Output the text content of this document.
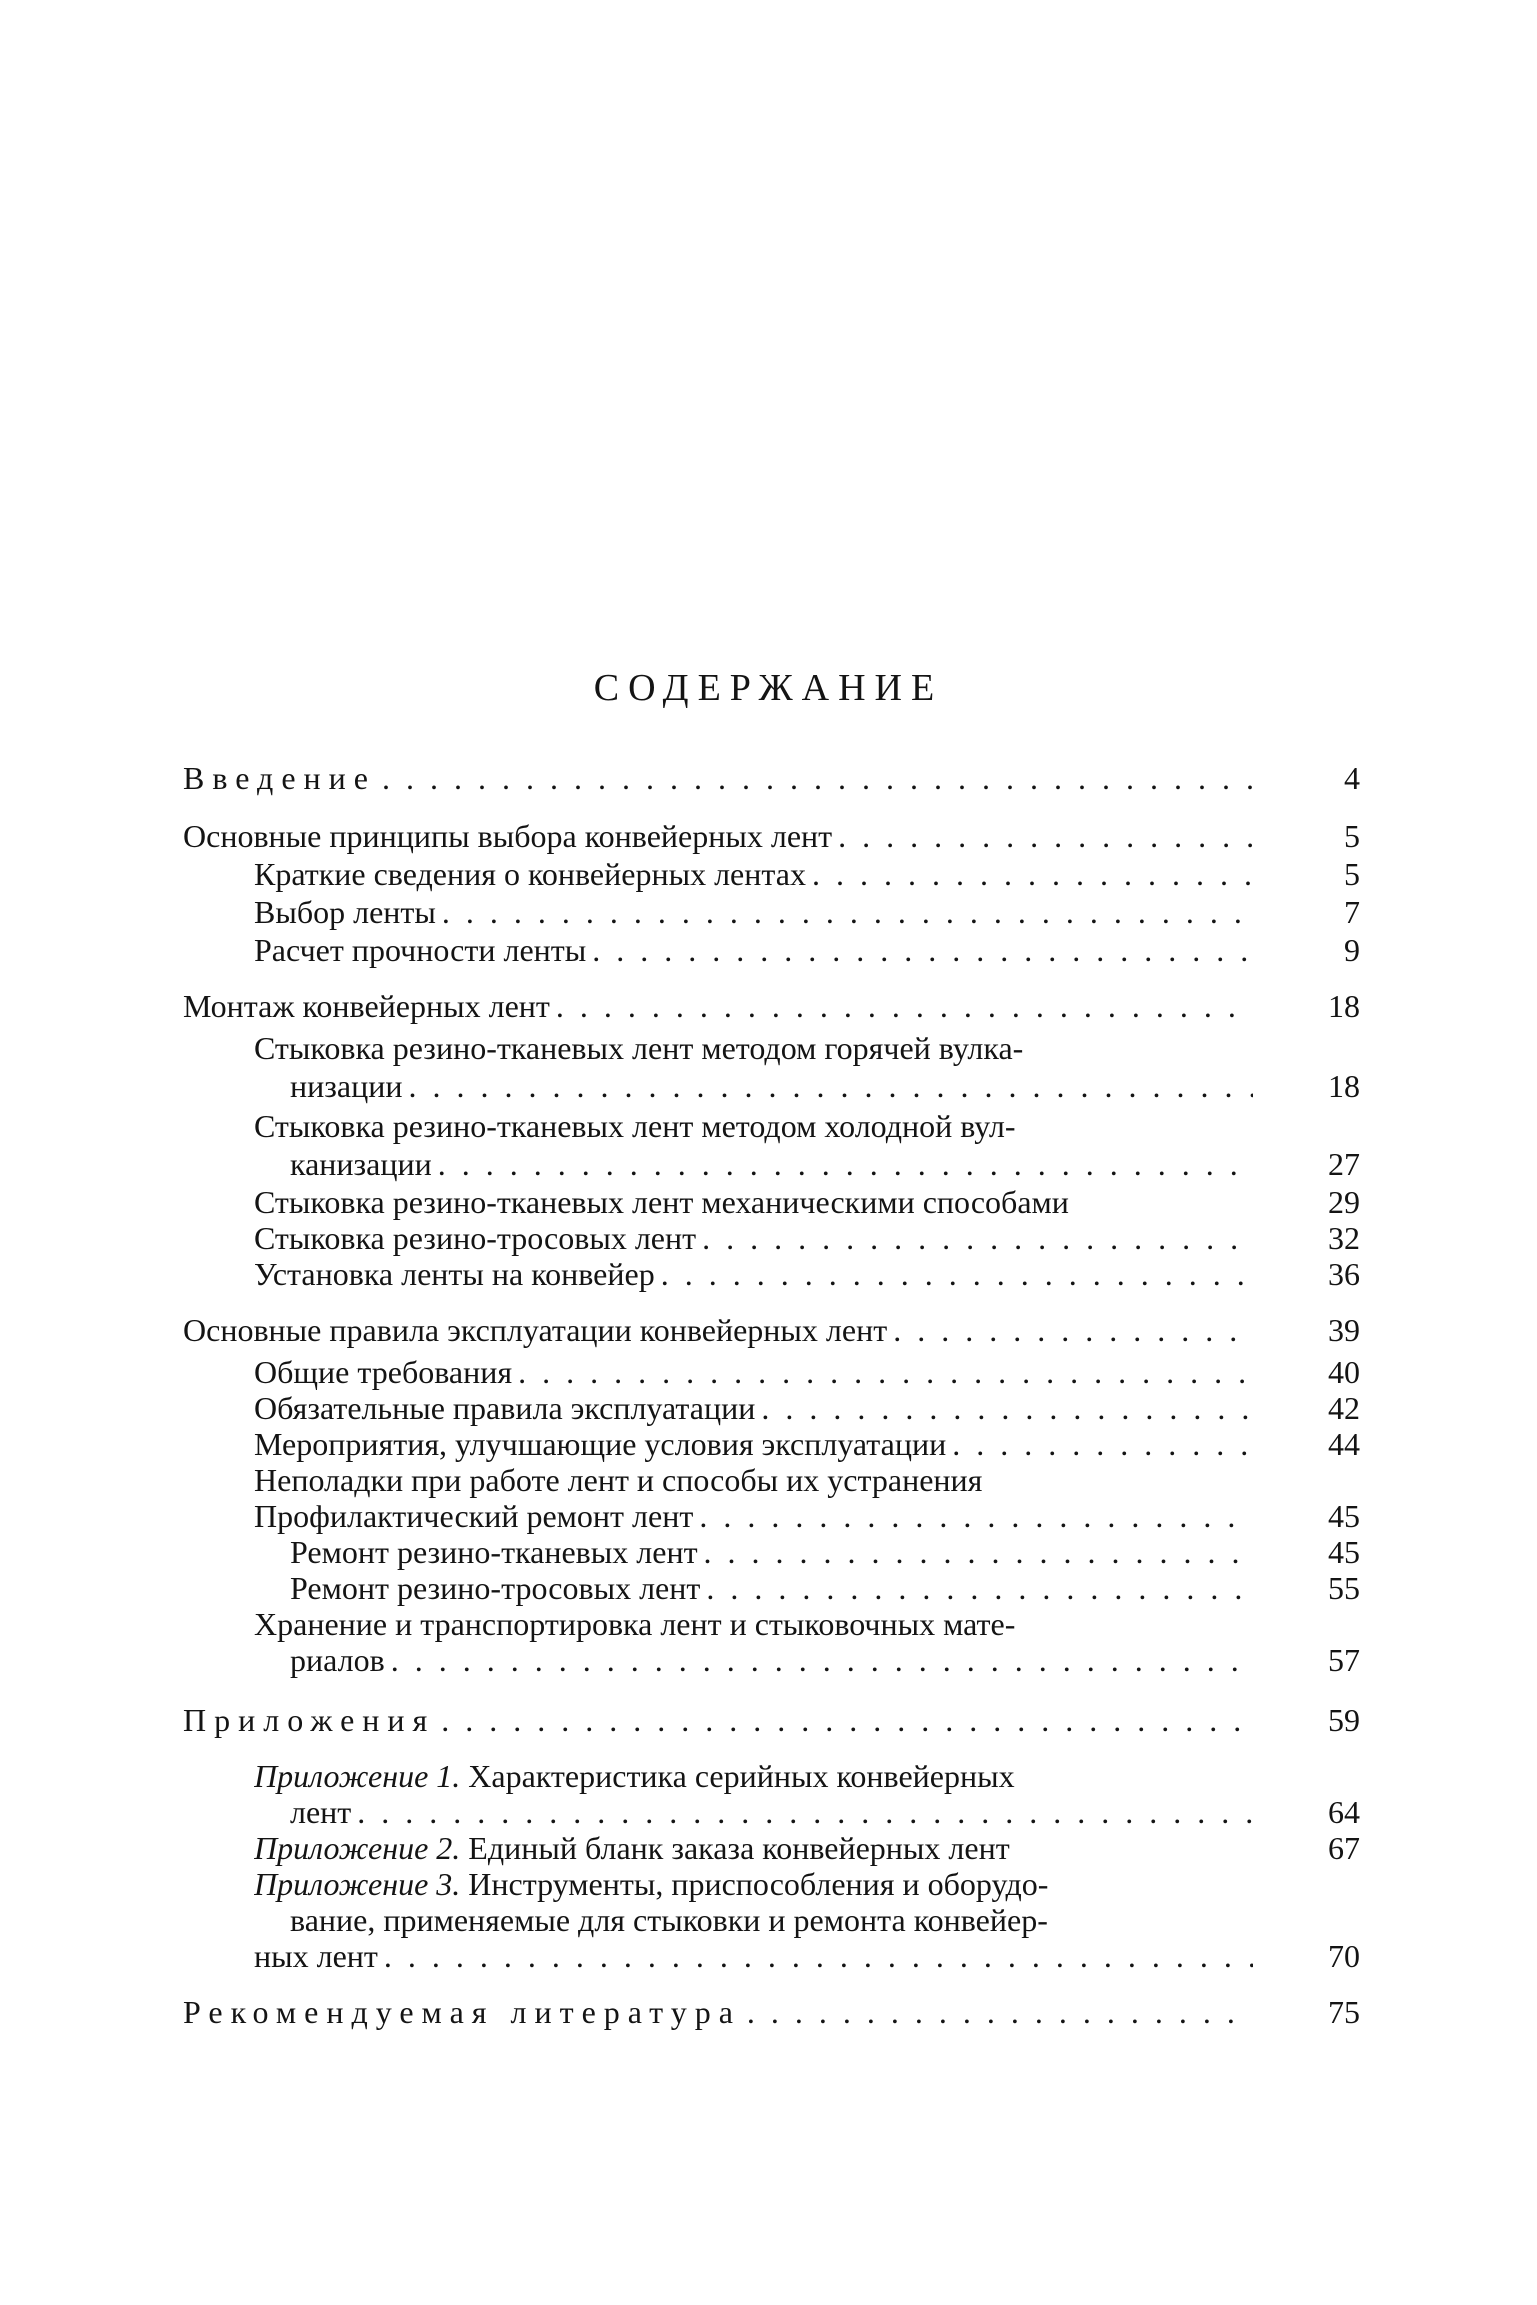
СОДЕРЖАНИЕ
Введение . . .	4
Основные принципы выбора конвейерных лент . . .	5
Краткие сведения о конвейерных лентах . . .	5
Выбор ленты . . .	7
Расчет прочности ленты . . .	9
Монтаж конвейерных лент . . .	18
Стыковка резино-тканевых лент методом горячей вулка-
низации . . .	18
Стыковка резино-тканевых лент методом холодной вул-
канизации . . .	27
Стыковка резино-тканевых лент механическими способами	29
Стыковка резино-тросовых лент . . .	32
Установка ленты на конвейер . . .	36
Основные правила эксплуатации конвейерных лент . . .	39
Общие требования . . .	40
Обязательные правила эксплуатации . . .	42
Мероприятия, улучшающие условия эксплуатации . . .	44
Неполадки при работе лент и способы их устранения
Профилактический ремонт лент . . .	45
Ремонт резино-тканевых лент . . .	45
Ремонт резино-тросовых лент . . .	55
Хранение и транспортировка лент и стыковочных мате-
риалов . . .	57
Приложения . . .	59
Приложение 1. Характеристика серийных конвейерных
лент . . .	64
Приложение 2. Единый бланк заказа конвейерных лент	67
Приложение 3. Инструменты, приспособления и оборудо-
вание, применяемые для стыковки и ремонта конвейер-
ных лент . . .	70
Рекомендуемая литература . . .	75
